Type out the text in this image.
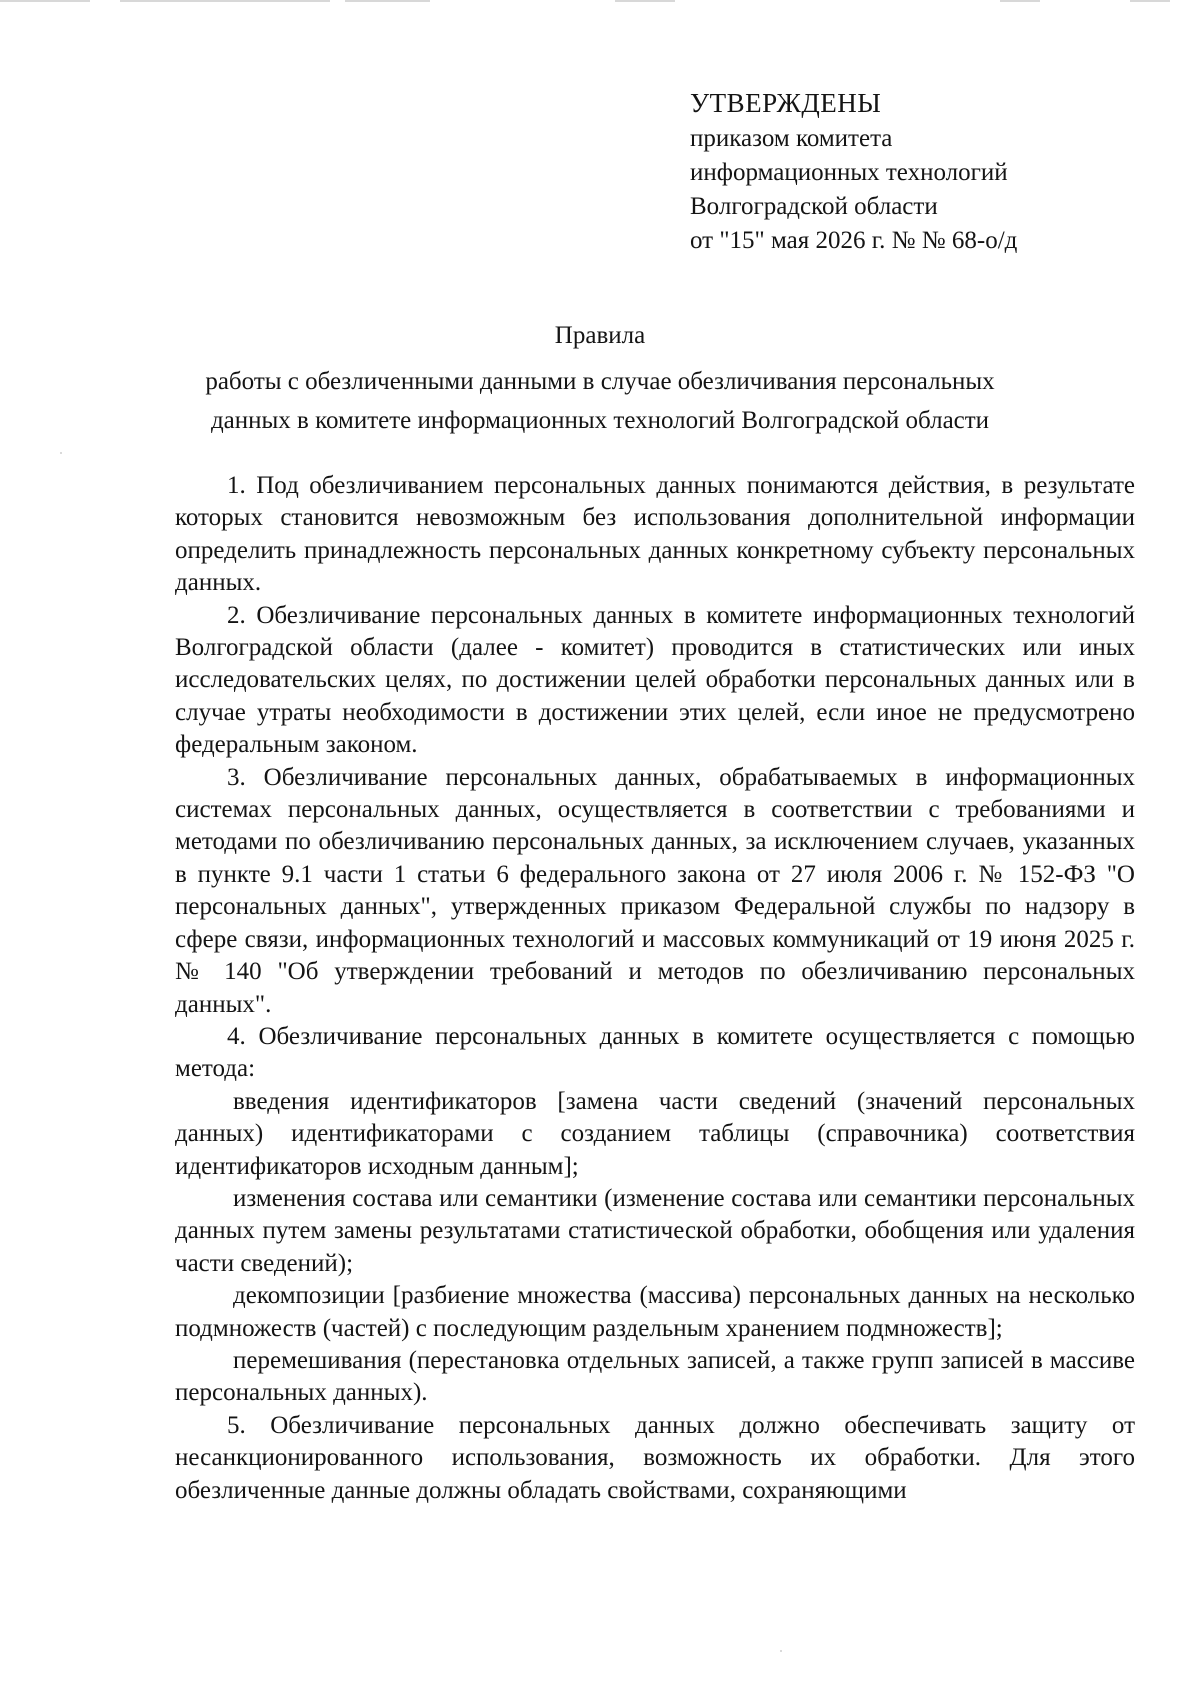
УТВЕРЖДЕНЫ
приказом комитета
информационных технологий
Волгоградской области
от "15" мая 2026 г. № № 68-о/д
Правила
работы с обезличенными данными в случае обезличивания персональных
данных в комитете информационных технологий Волгоградской области

1. Под обезличиванием персональных данных понимаются действия, в результате которых становится невозможным без использования дополнительной информации определить принадлежность персональных данных конкретному субъекту персональных данных.

2. Обезличивание персональных данных в комитете информационных технологий Волгоградской области (далее - комитет) проводится в статистических или иных исследовательских целях, по достижении целей обработки персональных данных или в случае утраты необходимости в достижении этих целей, если иное не предусмотрено федеральным законом.

3. Обезличивание персональных данных, обрабатываемых в информационных системах персональных данных, осуществляется в соответствии с требованиями и методами по обезличиванию персональных данных, за исключением случаев, указанных в пункте 9.1 части 1 статьи 6 федерального закона от 27 июля 2006 г. № 152-ФЗ "О персональных данных", утвержденных приказом Федеральной службы по надзору в сфере связи, информационных технологий и массовых коммуникаций от 19 июня 2025 г. № 140 "Об утверждении требований и методов по обезличиванию персональных данных".

4. Обезличивание персональных данных в комитете осуществляется с помощью метода:

введения идентификаторов [замена части сведений (значений персональных данных) идентификаторами с созданием таблицы (справочника) соответствия идентификаторов исходным данным];

изменения состава или семантики (изменение состава или семантики персональных данных путем замены результатами статистической обработки, обобщения или удаления части сведений);

декомпозиции [разбиение множества (массива) персональных данных на несколько подмножеств (частей) с последующим раздельным хранением подмножеств];

перемешивания (перестановка отдельных записей, а также групп записей в массиве персональных данных).

5. Обезличивание персональных данных должно обеспечивать защиту от несанкционированного использования, возможность их обработки. Для этого обезличенные данные должны обладать свойствами, сохраняющими
